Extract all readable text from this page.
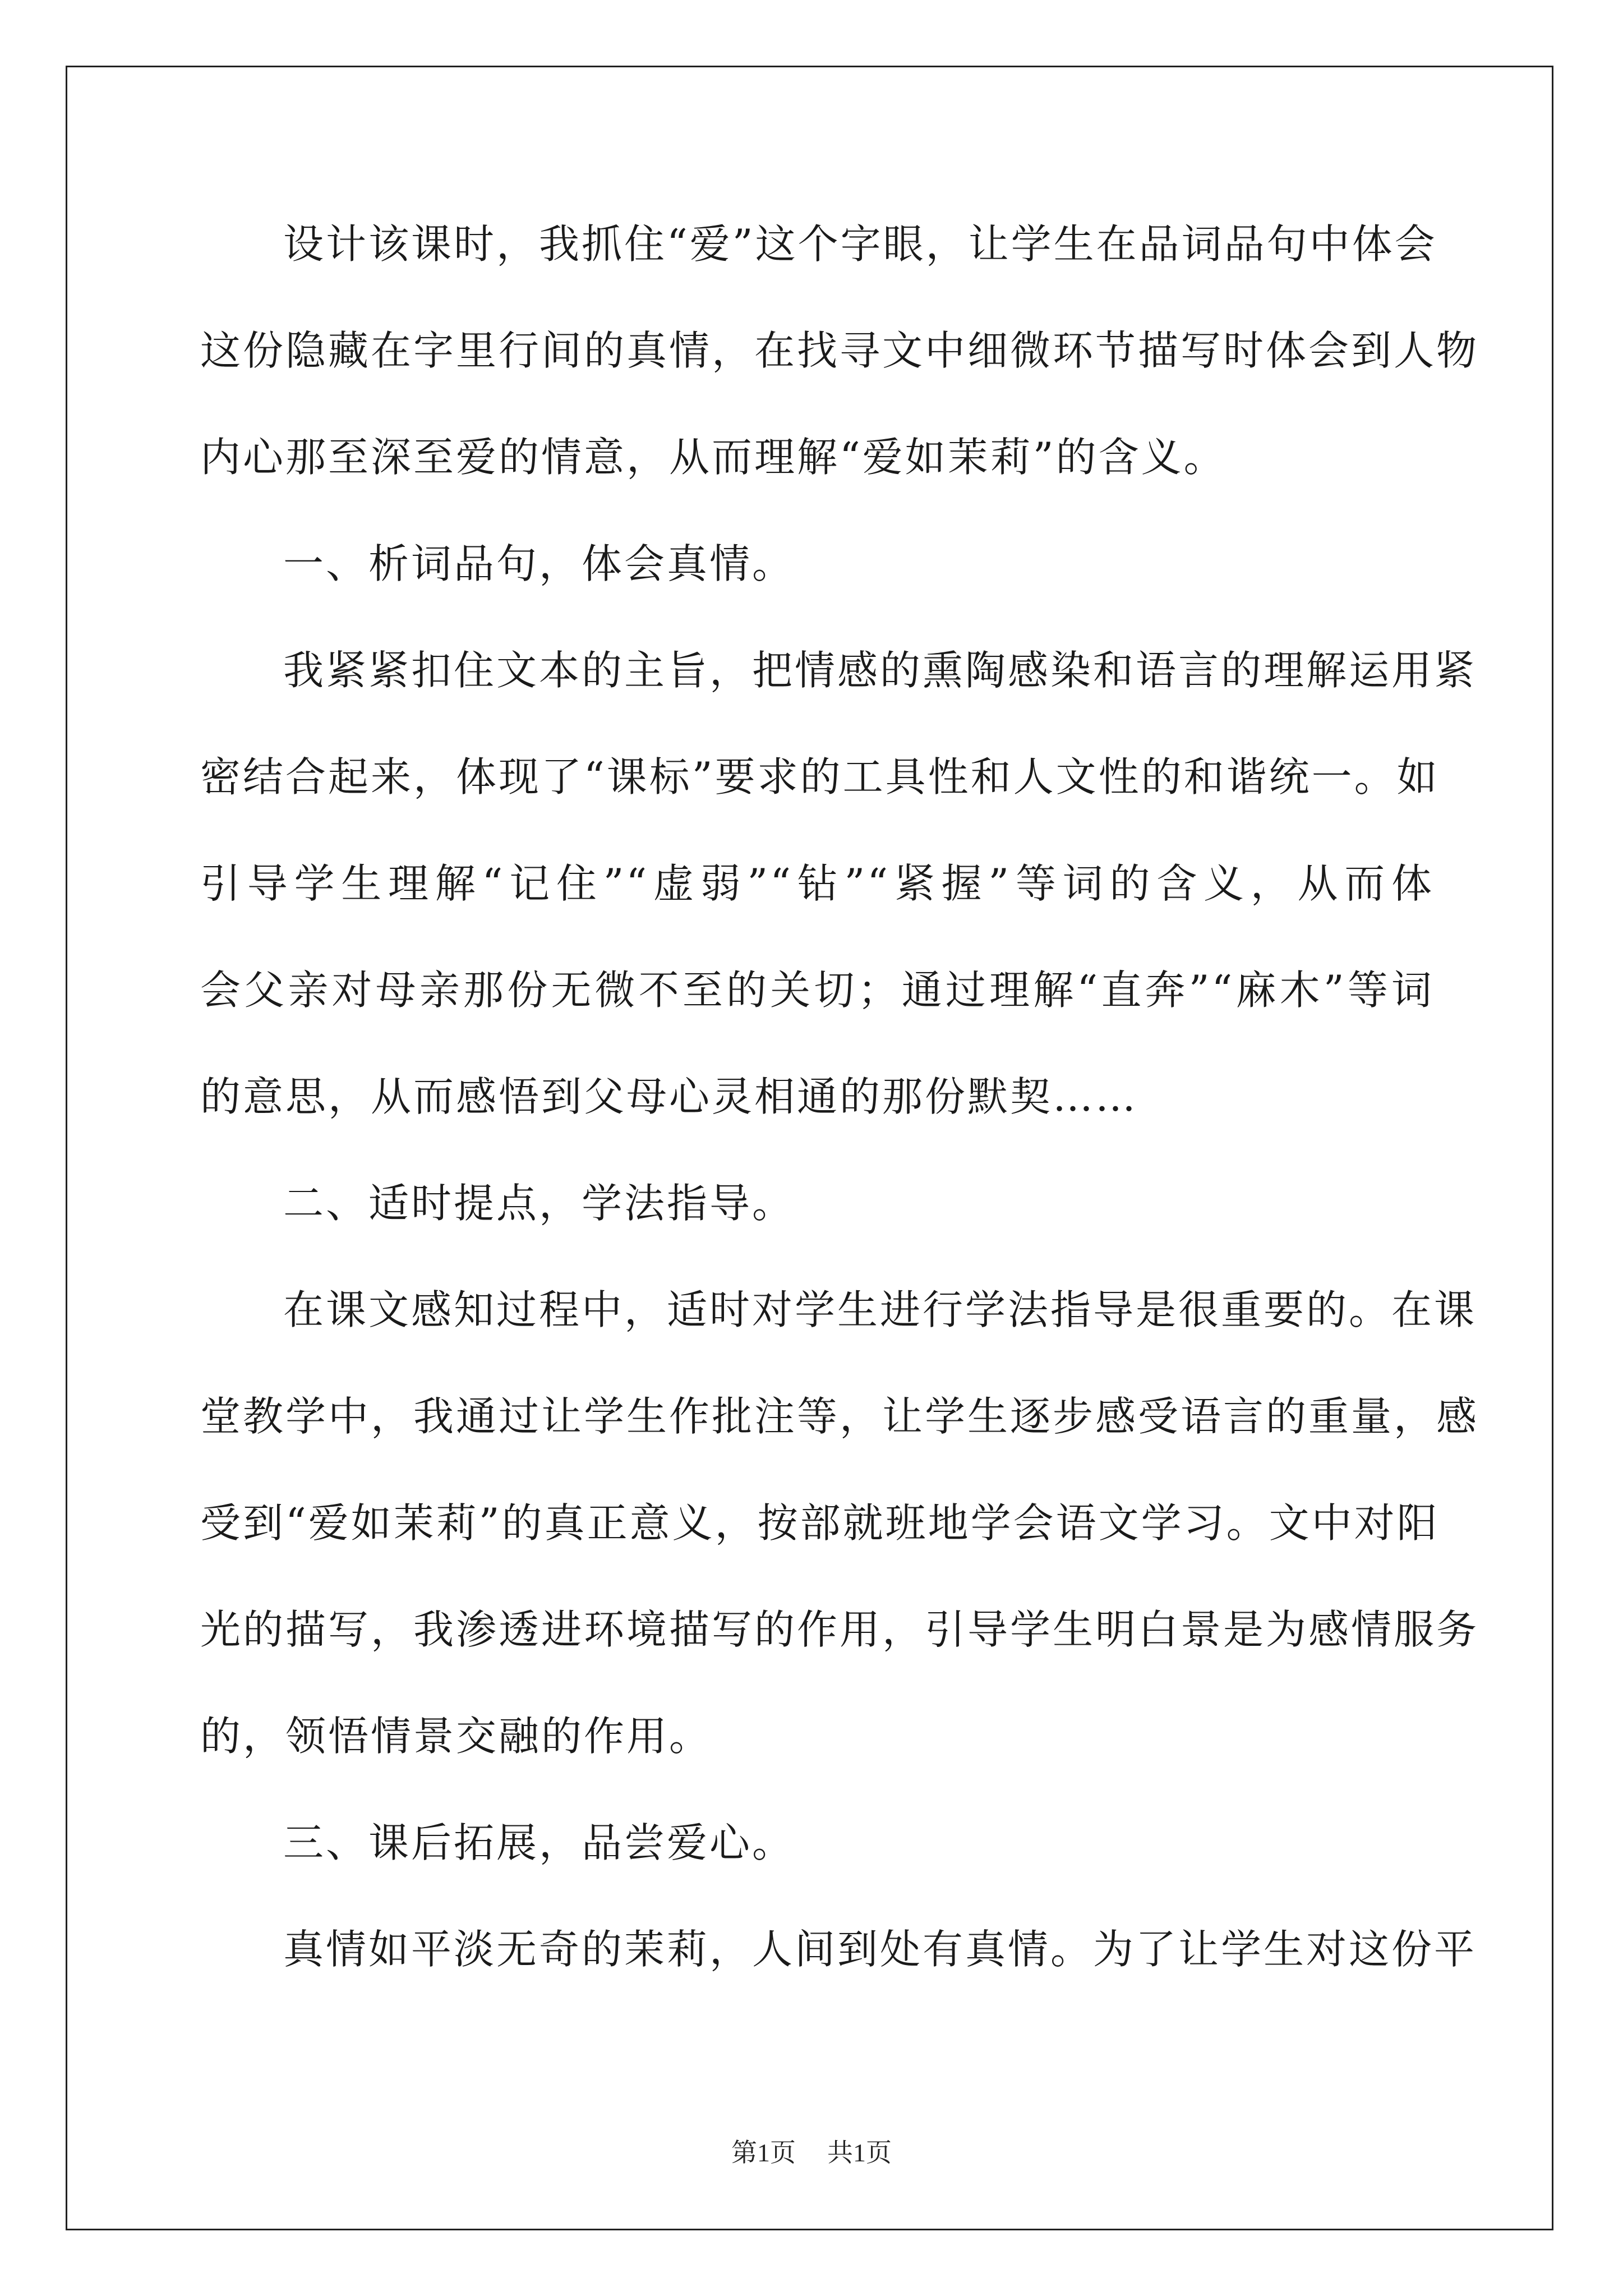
设计该课时，我抓住“爱”这个字眼，让学生在品词品句中体会
这份隐藏在字里行间的真情，在找寻文中细微环节描写时体会到人物
内心那至深至爱的情意，从而理解“爱如茉莉”的含义。
一、析词品句，体会真情。
我紧紧扣住文本的主旨，把情感的熏陶感染和语言的理解运用紧
密结合起来，体现了“课标”要求的工具性和人文性的和谐统一。如
引导学生理解“记住”“虚弱”“钻”“紧握”等词的含义，从而体
会父亲对母亲那份无微不至的关切；通过理解“直奔”“麻木”等词
的意思，从而感悟到父母心灵相通的那份默契……
二、适时提点，学法指导。
在课文感知过程中，适时对学生进行学法指导是很重要的。在课
堂教学中，我通过让学生作批注等，让学生逐步感受语言的重量，感
受到“爱如茉莉”的真正意义，按部就班地学会语文学习。文中对阳
光的描写，我渗透进环境描写的作用，引导学生明白景是为感情服务
的，领悟情景交融的作用。
三、课后拓展，品尝爱心。
真情如平淡无奇的茉莉，人间到处有真情。为了让学生对这份平
第1页 共1页
